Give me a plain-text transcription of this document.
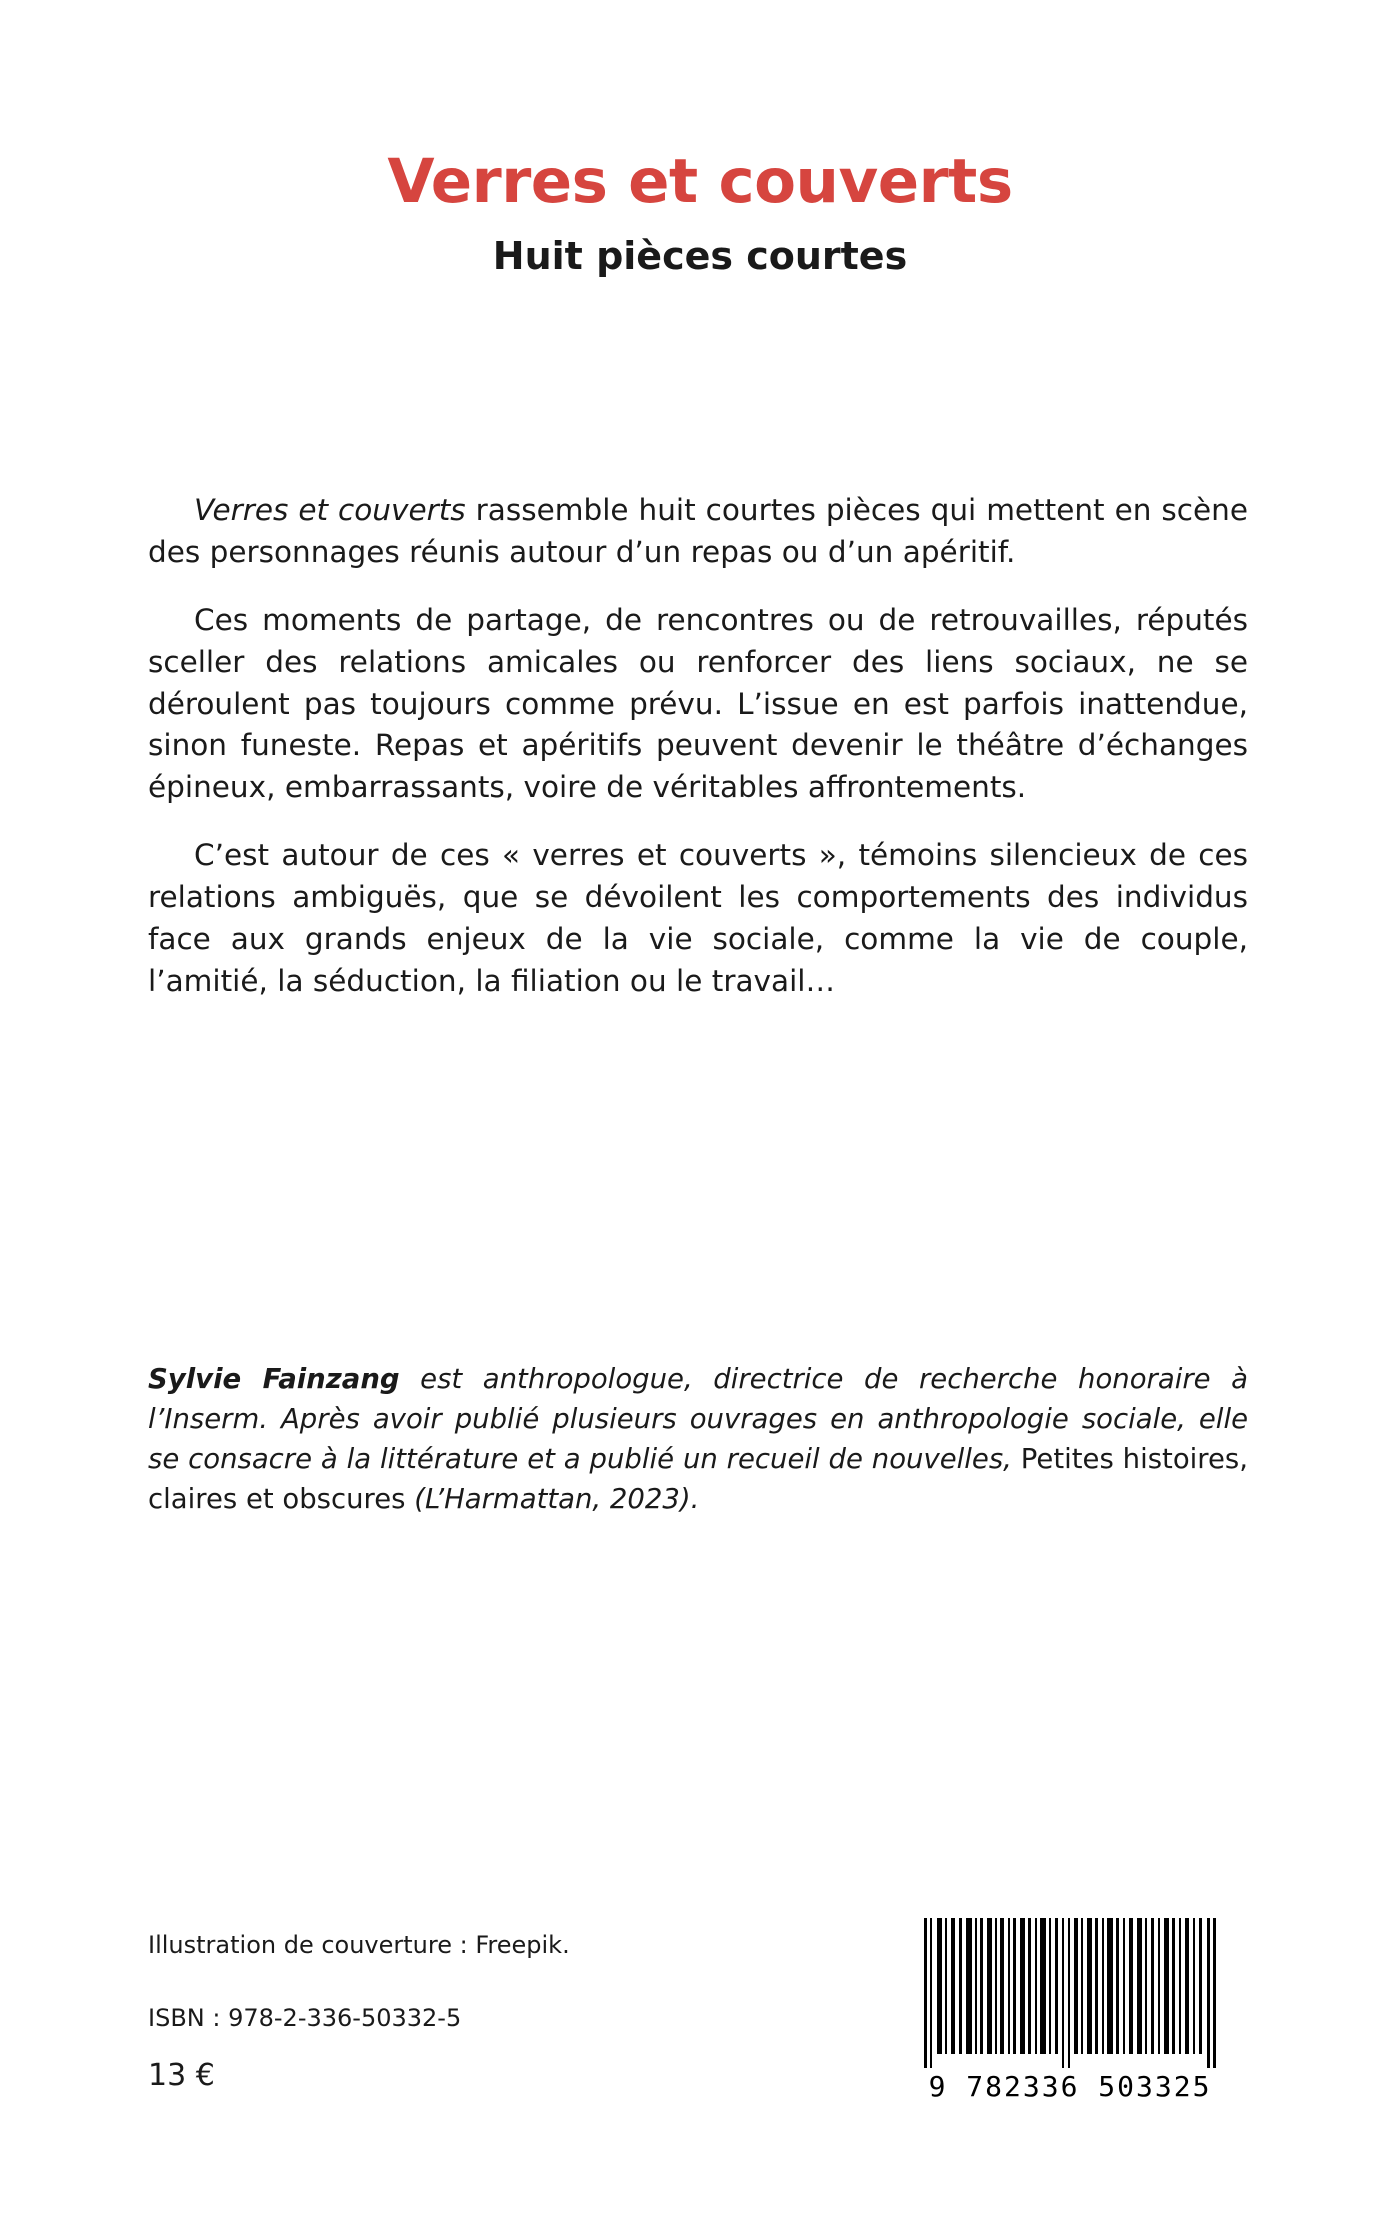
Verres et couverts
Huit pièces courtes

Verres et couverts rassemble huit courtes pièces qui mettent en scène des personnages réunis autour d’un repas ou d’un apéritif.

Ces moments de partage, de rencontres ou de retrouvailles, réputés sceller des relations amicales ou renforcer des liens sociaux, ne se déroulent pas toujours comme prévu. L’issue en est parfois inattendue, sinon funeste. Repas et apéritifs peuvent devenir le théâtre d’échanges épineux, embarrassants, voire de véritables affrontements.

C’est autour de ces « verres et couverts », témoins silencieux de ces relations ambiguës, que se dévoilent les comportements des individus face aux grands enjeux de la vie sociale, comme la vie de couple, l’amitié, la séduction, la filiation ou le travail…

Sylvie Fainzang est anthropologue, directrice de recherche honoraire à l’Inserm. Après avoir publié plusieurs ouvrages en anthropologie sociale, elle se consacre à la littérature et a publié un recueil de nouvelles, Petites histoires, claires et obscures (L’Harmattan, 2023).

Illustration de couverture : Freepik.

ISBN : 978-2-336-50332-5

13 €	9 782336 503325
